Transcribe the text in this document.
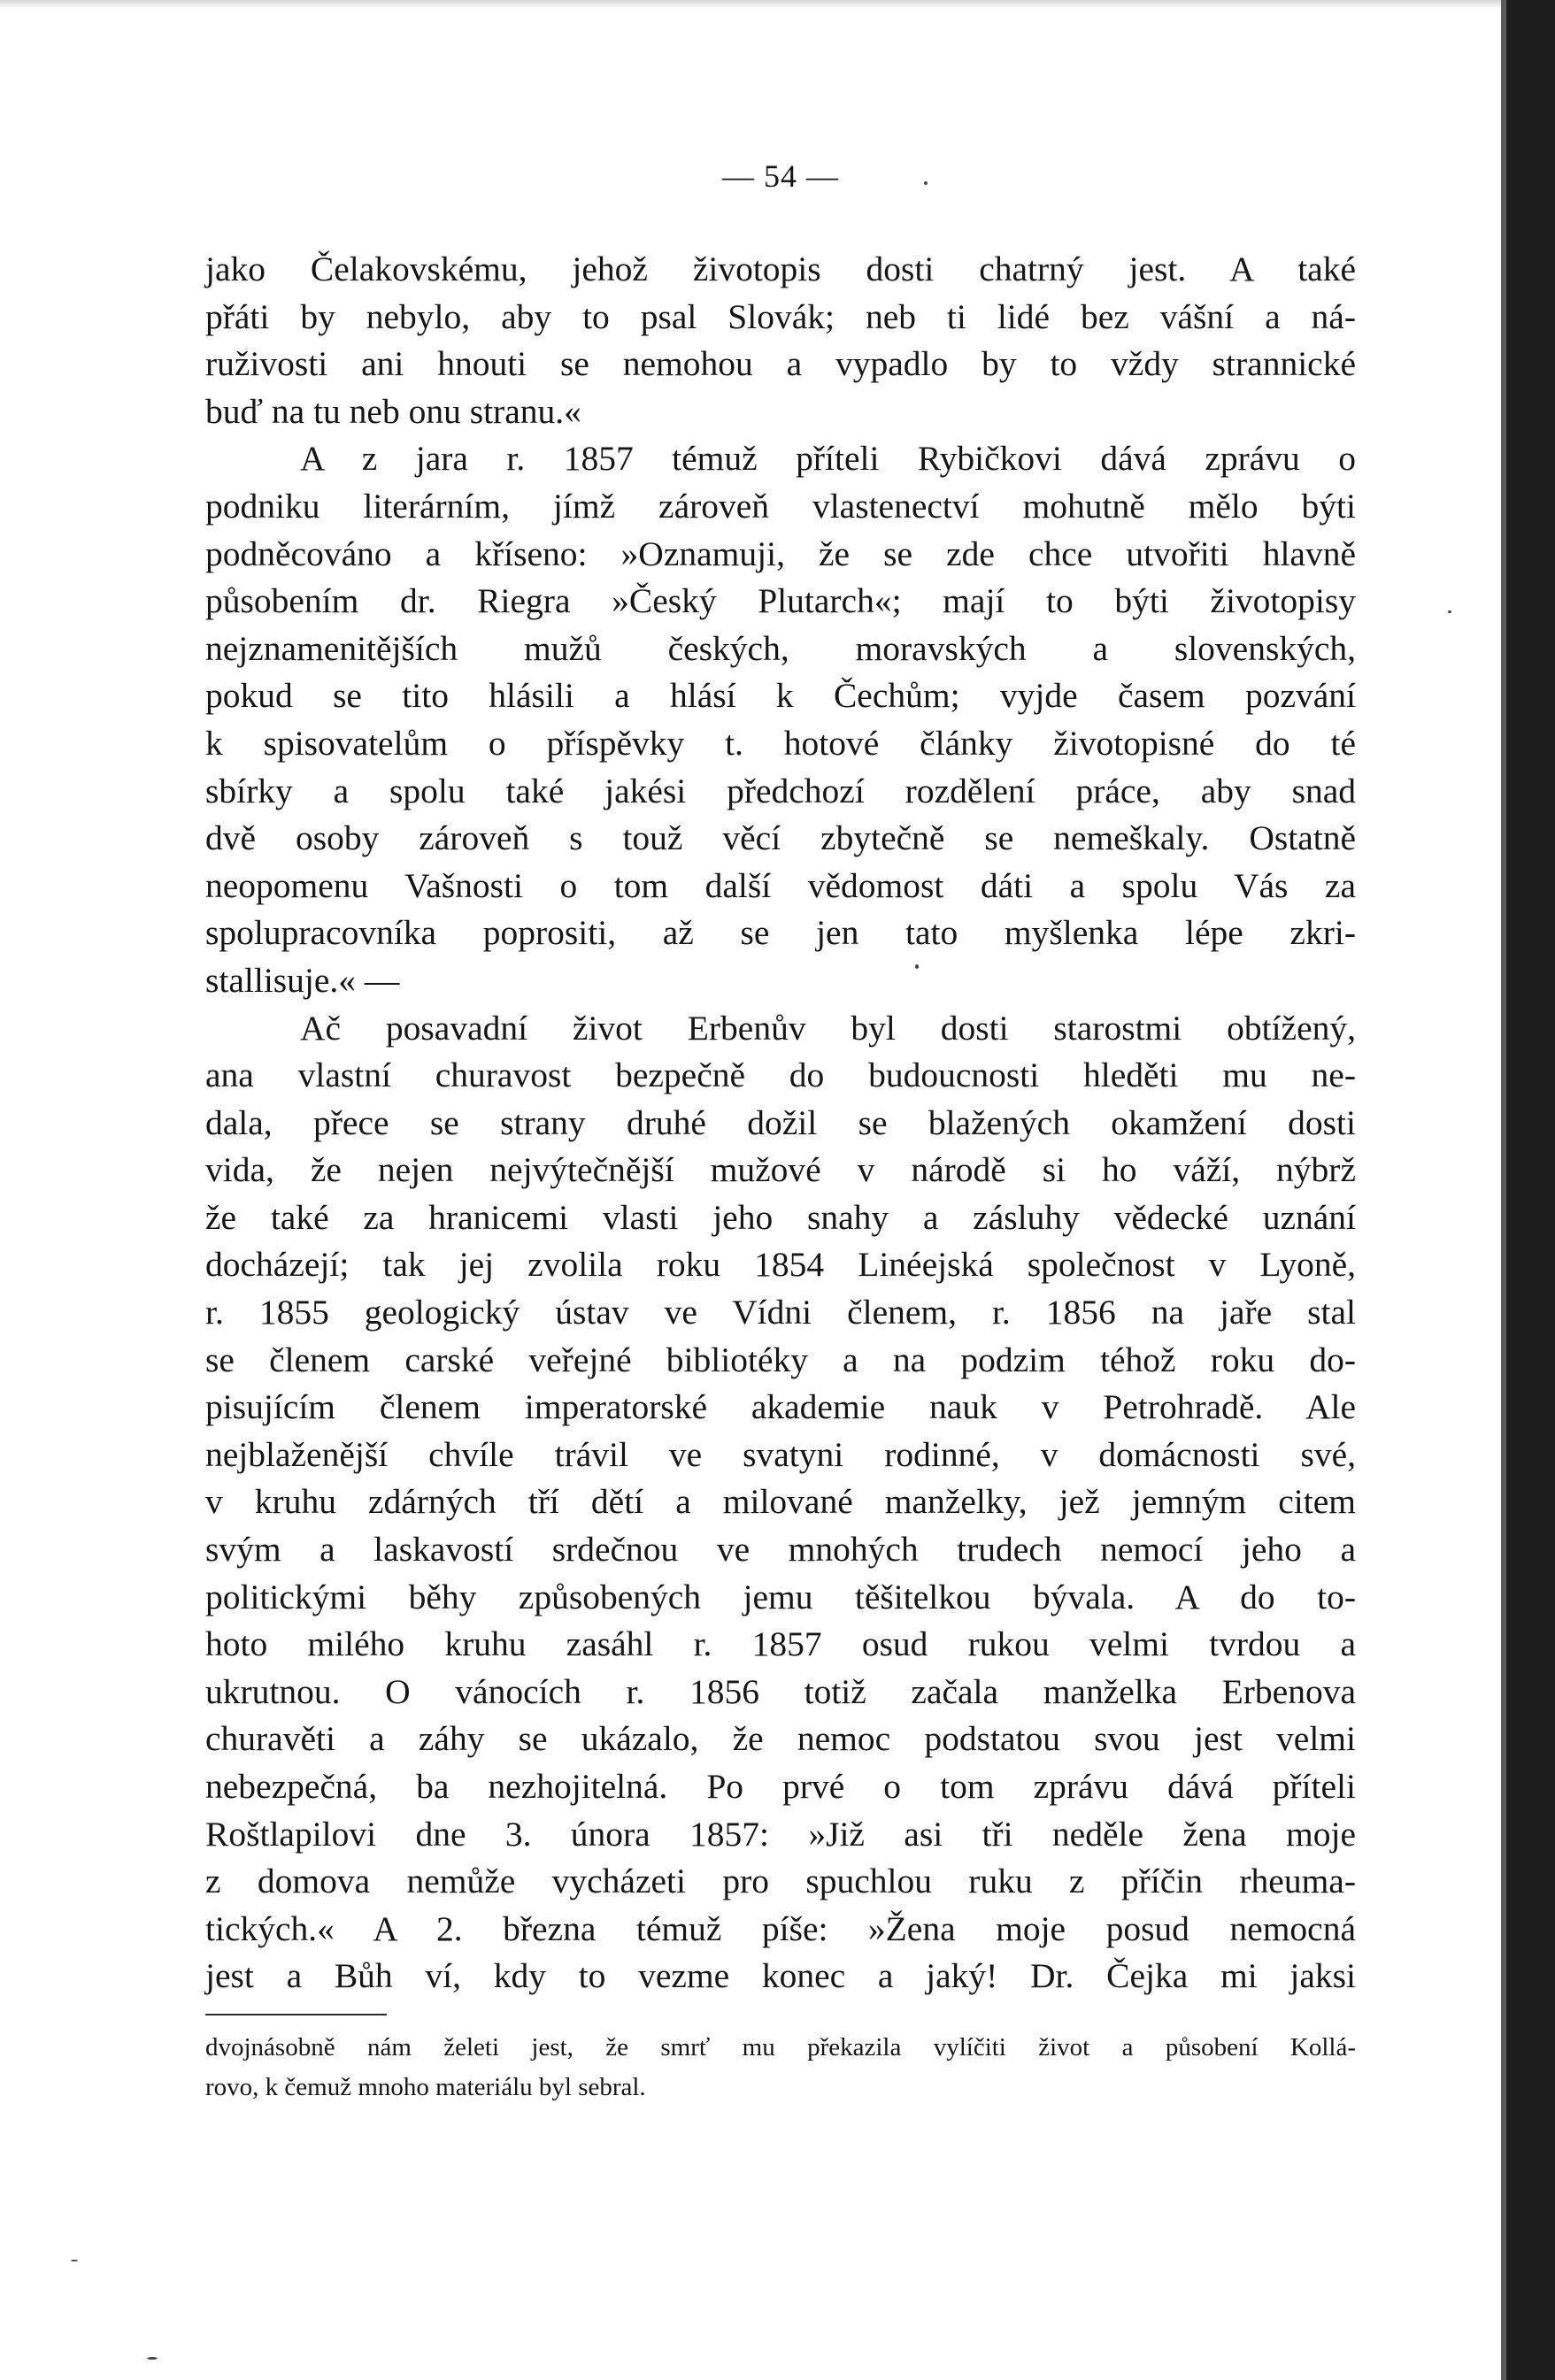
— 54 —
jako Čelakovskému, jehož životopis dosti chatrný jest. A také
přáti by nebylo, aby to psal Slovák; neb ti lidé bez vášní a ná-
ruživosti ani hnouti se nemohou a vypadlo by to vždy strannické
buď na tu neb onu stranu.«
A z jara r. 1857 témuž příteli Rybičkovi dává zprávu o
podniku literárním, jímž zároveň vlastenectví mohutně mělo býti
podněcováno a křísenо: »Oznamuji, že se zde chce utvořiti hlavně
působením dr. Riegra »Český Plutarch«; mají to býti životopisy
nejznamenitějších mužů českých, moravských a slovenských,
pokud se tito hlásili a hlásí k Čechům; vyjde časem pozvání
k spisovatelům o příspěvky t. hotové články životopisné do té
sbírky a spolu také jakési předchozí rozdělení práce, aby snad
dvě osoby zároveň s touž věcí zbytečně se nemeškaly. Ostatně
neopomenu Vašnosti o tom další vědomost dáti a spolu Vás za
spolupracovníka poprositi, až se jen tato myšlenka lépe zkri-
stallisuje.« —
Ač posavadní život Erbenův byl dosti starostmi obtížený,
ana vlastní churavost bezpečně do budoucnosti hleděti mu ne-
dala, přece se strany druhé dožil se blažených okamžení dosti
vida, že nejen nejvýtečnější mužové v národě si ho váží, nýbrž
že také za hranicemi vlasti jeho snahy a zásluhy vědecké uznání
docházejí; tak jej zvolila roku 1854 Linéejská společnost v Lyoně,
r. 1855 geologický ústav ve Vídni členem, r. 1856 na jaře stal
se členem carské veřejné bibliotéky a na podzim téhož roku do-
pisujícím členem imperatorské akademie nauk v Petrohradě. Ale
nejblaženější chvíle trávil ve svatyni rodinné, v domácnosti své,
v kruhu zdárných tří dětí a milované manželky, jež jemným citem
svým a laskavostí srdečnou ve mnohých trudech nemocí jeho a
politickými běhy způsobených jemu těšitelkou bývala. A do to-
hoto milého kruhu zasáhl r. 1857 osud rukou velmi tvrdou a
ukrutnou. O vánocích r. 1856 totiž začala manželka Erbenova
churavěti a záhy se ukázalo, že nemoc podstatou svou jest velmi
nebezpečná, ba nezhojitelná. Po prvé o tom zprávu dává příteli
Roštlapilovi dne 3. února 1857: »Již asi tři neděle žena moje
z domova nemůže vycházeti pro spuchlou ruku z příčin rheuma-
tických.« A 2. března témuž píše: »Žena moje posud nemocná
jest a Bůh ví, kdy to vezme konec a jaký! Dr. Čejka mi jaksi
dvojnásobně nám želeti jest, že smrť mu překazila vylíčiti život a působení Kollá-
rovo, k čemuž mnoho materiálu byl sebral.
